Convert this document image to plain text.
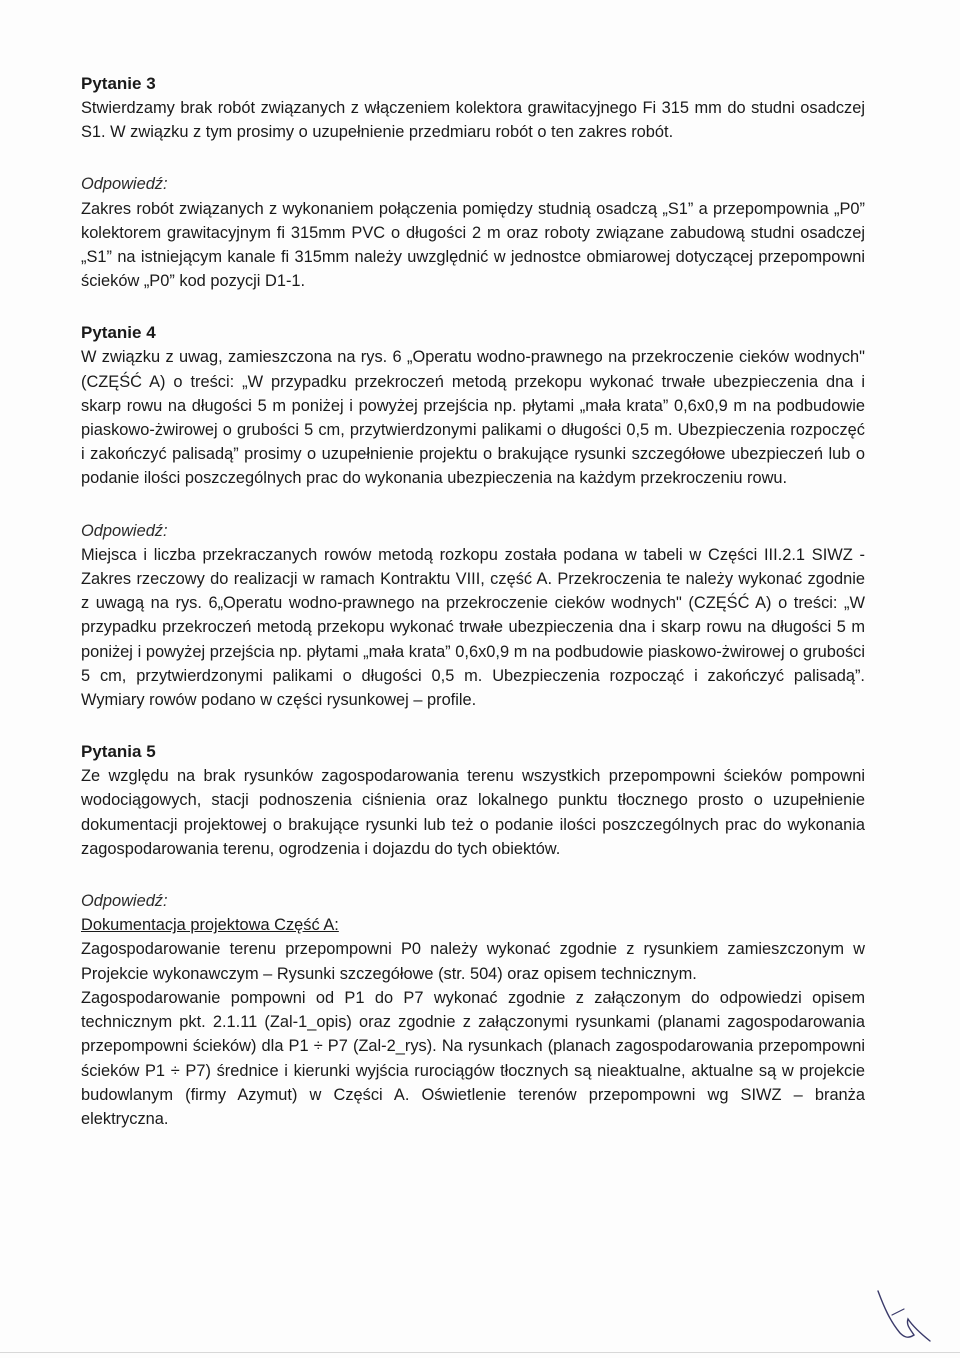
Pytanie 3

Stwierdzamy brak robót związanych z włączeniem kolektora grawitacyjnego Fi 315 mm do studni osadczej S1. W związku z tym prosimy o uzupełnienie przedmiaru robót o ten zakres robót.

Odpowiedź:

Zakres robót związanych z wykonaniem połączenia pomiędzy studnią osadczą „S1” a przepompownia „P0” kolektorem grawitacyjnym fi 315mm PVC o długości 2 m oraz roboty związane zabudową studni osadczej „S1” na istniejącym kanale fi 315mm należy uwzględnić w jednostce obmiarowej dotyczącej przepompowni ścieków „P0” kod pozycji D1-1.

Pytanie 4

W związku z uwag, zamieszczona na rys. 6 „Operatu wodno-prawnego na przekroczenie cieków wodnych" (CZĘŚĆ A) o treści: „W przypadku przekroczeń metodą przekopu wykonać trwałe ubezpieczenia dna i skarp rowu na długości 5 m poniżej i powyżej przejścia np. płytami „mała krata” 0,6x0,9 m na podbudowie piaskowo-żwirowej o grubości 5 cm, przytwierdzonymi palikami o długości 0,5 m. Ubezpieczenia rozpoczęć i zakończyć palisadą” prosimy o uzupełnienie projektu o brakujące rysunki szczegółowe ubezpieczeń lub o podanie ilości poszczególnych prac do wykonania ubezpieczenia na każdym przekroczeniu rowu.

Odpowiedź:

Miejsca i liczba przekraczanych rowów metodą rozkopu została podana w tabeli w Części III.2.1 SIWZ - Zakres rzeczowy do realizacji w ramach Kontraktu VIII, część A. Przekroczenia te należy wykonać zgodnie z uwagą na rys. 6„Operatu wodno-prawnego na przekroczenie cieków wodnych" (CZĘŚĆ A) o treści: „W przypadku przekroczeń metodą przekopu wykonać trwałe ubezpieczenia dna i skarp rowu na długości 5 m poniżej i powyżej przejścia np. płytami „mała krata” 0,6x0,9 m na podbudowie piaskowo-żwirowej o grubości 5 cm, przytwierdzonymi palikami o długości 0,5 m. Ubezpieczenia rozpocząć i zakończyć palisadą”. Wymiary rowów podano w części rysunkowej – profile.

Pytania 5

Ze względu na brak rysunków zagospodarowania terenu wszystkich przepompowni ścieków pompowni wodociągowych, stacji podnoszenia ciśnienia oraz lokalnego punktu tłocznego prosto o uzupełnienie dokumentacji projektowej o brakujące rysunki lub też o podanie ilości poszczególnych prac do wykonania zagospodarowania terenu, ogrodzenia i dojazdu do tych obiektów.

Odpowiedź:

Dokumentacja projektowa Część A:

Zagospodarowanie terenu przepompowni P0 należy wykonać zgodnie z rysunkiem zamieszczonym w Projekcie wykonawczym – Rysunki szczegółowe (str. 504) oraz opisem technicznym.

Zagospodarowanie pompowni od P1 do P7 wykonać zgodnie z załączonym do odpowiedzi opisem technicznym pkt. 2.1.11 (Zal-1_opis) oraz zgodnie z załączonymi rysunkami (planami zagospodarowania przepompowni ścieków) dla P1 ÷ P7 (Zal-2_rys). Na rysunkach (planach zagospodarowania przepompowni ścieków P1 ÷ P7) średnice i kierunki wyjścia rurociągów tłocznych są nieaktualne, aktualne są w projekcie budowlanym (firmy Azymut) w Części A. Oświetlenie terenów przepompowni wg SIWZ – branża elektryczna.
